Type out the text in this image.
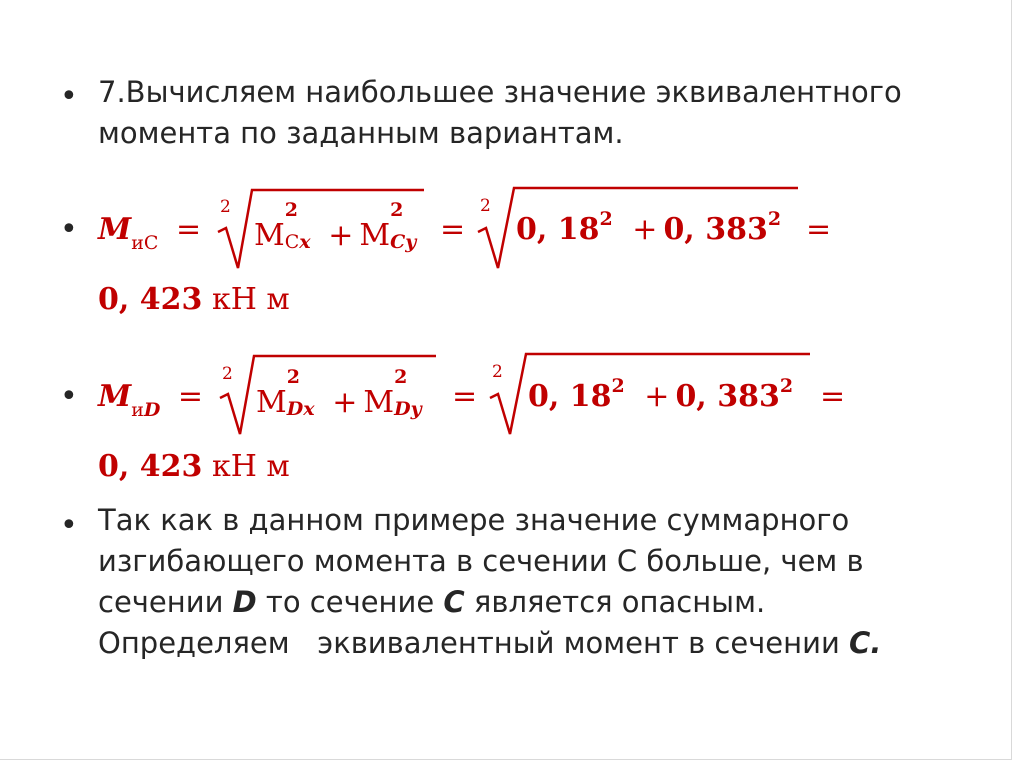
• 7.Вычисляем наибольшее значение эквивалентного
момента по заданным вариантам.
• $M_{иС}$ =
2
М
2
Сx + М
2
Cy =
2
0, $18^2 + 0$, $383^2$ =
0, 423 кН м
• $M_{иD}$ =
2
М
2
Dx + М
2
Dy =
2
0, $18^2 + 0$, $383^2$ =
0, 423 кН м
• Так как в данном примере значение суммарного
изгибающего момента в сечении С больше, чем в
сечении D то сечение С является опасным.
Определяем   эквивалентный момент в сечении С.
